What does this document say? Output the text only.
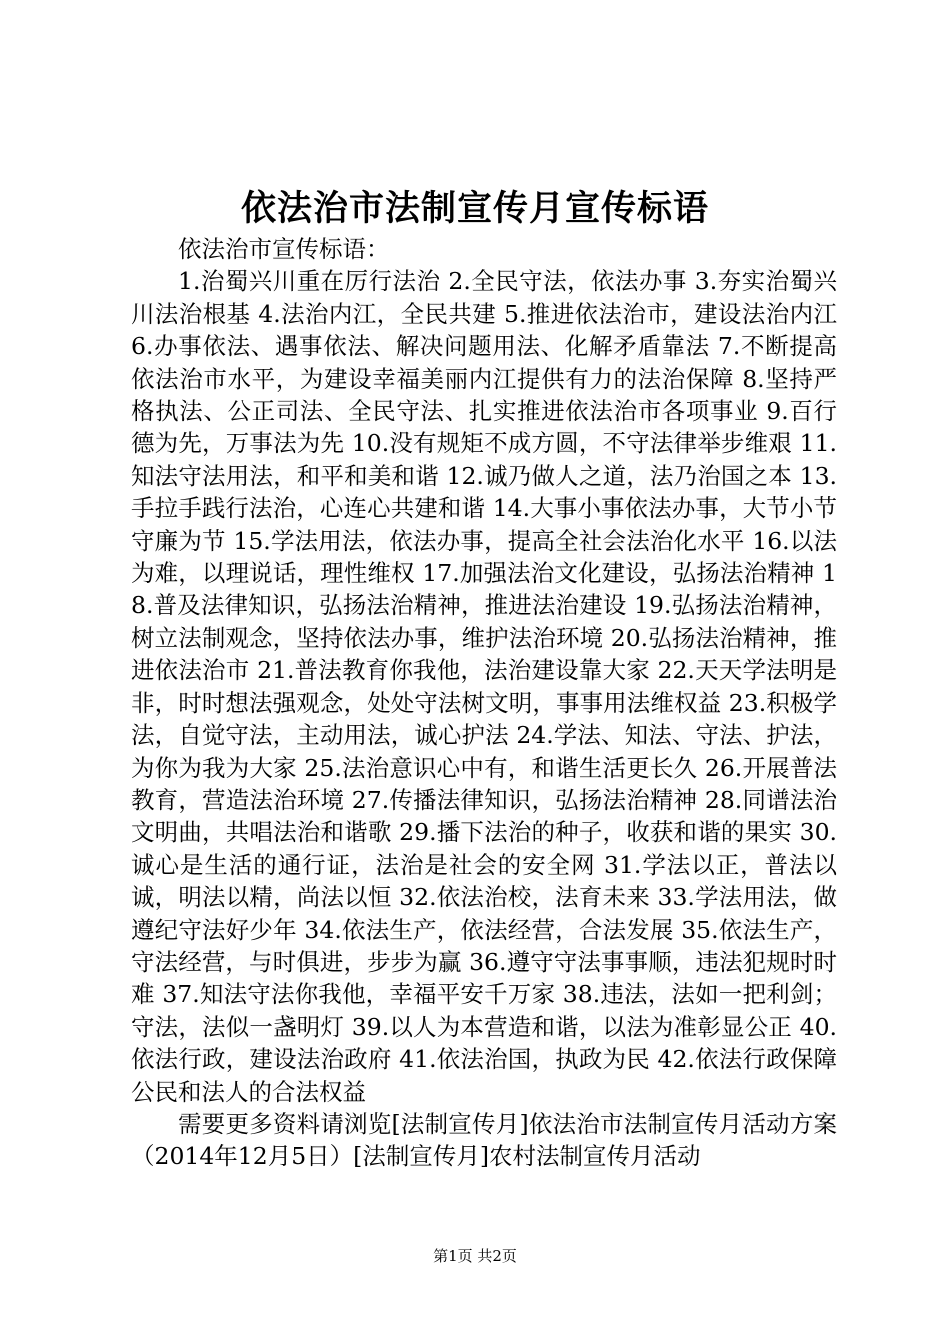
依法治市法制宣传月宣传标语

依法治市宣传标语：

1.治蜀兴川重在厉行法治 2.全民守法，依法办事 3.夯实治蜀兴川法治根基 4.法治内江，全民共建 5.推进依法治市，建设法治内江 6.办事依法、遇事依法、解决问题用法、化解矛盾靠法 7.不断提高依法治市水平，为建设幸福美丽内江提供有力的法治保障 8.坚持严格执法、公正司法、全民守法、扎实推进依法治市各项事业 9.百行德为先，万事法为先 10.没有规矩不成方圆，不守法律举步维艰 11.知法守法用法，和平和美和谐 12.诚乃做人之道，法乃治国之本 13.手拉手践行法治，心连心共建和谐 14.大事小事依法办事，大节小节守廉为节 15.学法用法，依法办事，提高全社会法治化水平 16.以法为难，以理说话，理性维权 17.加强法治文化建设，弘扬法治精神 18.普及法律知识，弘扬法治精神，推进法治建设 19.弘扬法治精神，树立法制观念，坚持依法办事，维护法治环境 20.弘扬法治精神，推进依法治市 21.普法教育你我他，法治建设靠大家 22.天天学法明是非，时时想法强观念，处处守法树文明，事事用法维权益 23.积极学法，自觉守法，主动用法，诚心护法 24.学法、知法、守法、护法，为你为我为大家 25.法治意识心中有，和谐生活更长久 26.开展普法教育，营造法治环境 27.传播法律知识，弘扬法治精神 28.同谱法治文明曲，共唱法治和谐歌 29.播下法治的种子，收获和谐的果实 30.诚心是生活的通行证，法治是社会的安全网 31.学法以正，普法以诚，明法以精，尚法以恒 32.依法治校，法育未来 33.学法用法，做遵纪守法好少年 34.依法生产，依法经营，合法发展 35.依法生产，守法经营，与时俱进，步步为赢 36.遵守守法事事顺，违法犯规时时难 37.知法守法你我他，幸福平安千万家 38.违法，法如一把利剑；守法，法似一盏明灯 39.以人为本营造和谐，以法为准彰显公正 40.依法行政，建设法治政府 41.依法治国，执政为民 42.依法行政保障公民和法人的合法权益

需要更多资料请浏览[法制宣传月]依法治市法制宣传月活动方案（2014年12月5日）[法制宣传月]农村法制宣传月活动

第1页 共2页
